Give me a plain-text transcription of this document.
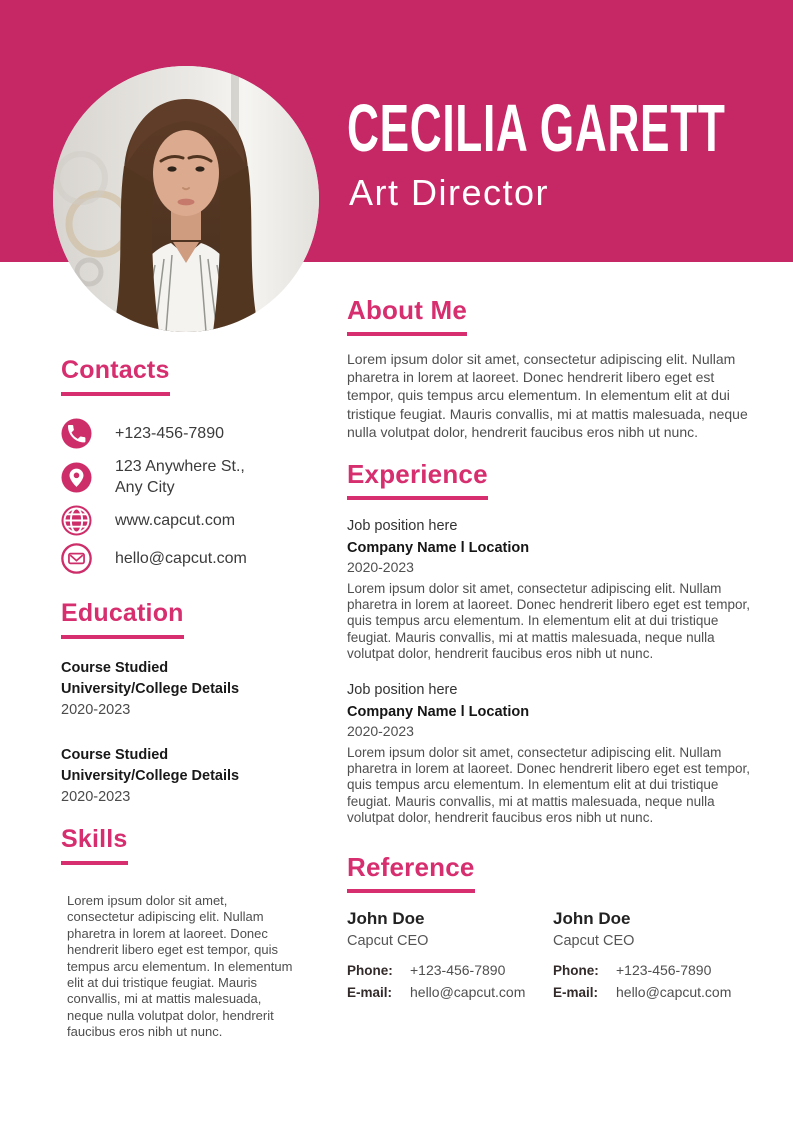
CECILIA GARETT
Art Director
Contacts
+123-456-7890
123 Anywhere St.,
Any City
www.capcut.com
hello@capcut.com
Education
Course Studied
University/College Details
2020-2023
Course Studied
University/College Details
2020-2023
Skills
Lorem ipsum dolor sit amet, consectetur adipiscing elit. Nullam pharetra in lorem at laoreet. Donec hendrerit libero eget est tempor, quis tempus arcu elementum. In elementum elit at dui tristique feugiat. Mauris convallis, mi at mattis malesuada, neque nulla volutpat dolor, hendrerit faucibus eros nibh ut nunc.
About Me
Lorem ipsum dolor sit amet, consectetur adipiscing elit. Nullam pharetra in lorem at laoreet. Donec hendrerit libero eget est tempor, quis tempus arcu elementum. In elementum elit at dui tristique feugiat. Mauris convallis, mi at mattis malesuada, neque nulla volutpat dolor, hendrerit faucibus eros nibh ut nunc.
Experience
Job position here
Company Name l Location
2020-2023
Lorem ipsum dolor sit amet, consectetur adipiscing elit. Nullam pharetra in lorem at laoreet. Donec hendrerit libero eget est tempor, quis tempus arcu elementum. In elementum elit at dui tristique feugiat. Mauris convallis, mi at mattis malesuada, neque nulla volutpat dolor, hendrerit faucibus eros nibh ut nunc.
Job position here
Company Name l Location
2020-2023
Lorem ipsum dolor sit amet, consectetur adipiscing elit. Nullam pharetra in lorem at laoreet. Donec hendrerit libero eget est tempor, quis tempus arcu elementum. In elementum elit at dui tristique feugiat. Mauris convallis, mi at mattis malesuada, neque nulla volutpat dolor, hendrerit faucibus eros nibh ut nunc.
Reference
John Doe
Capcut CEO
Phone:	+123-456-7890
E-mail:	hello@capcut.com
John Doe
Capcut CEO
Phone:	+123-456-7890
E-mail:	hello@capcut.com
